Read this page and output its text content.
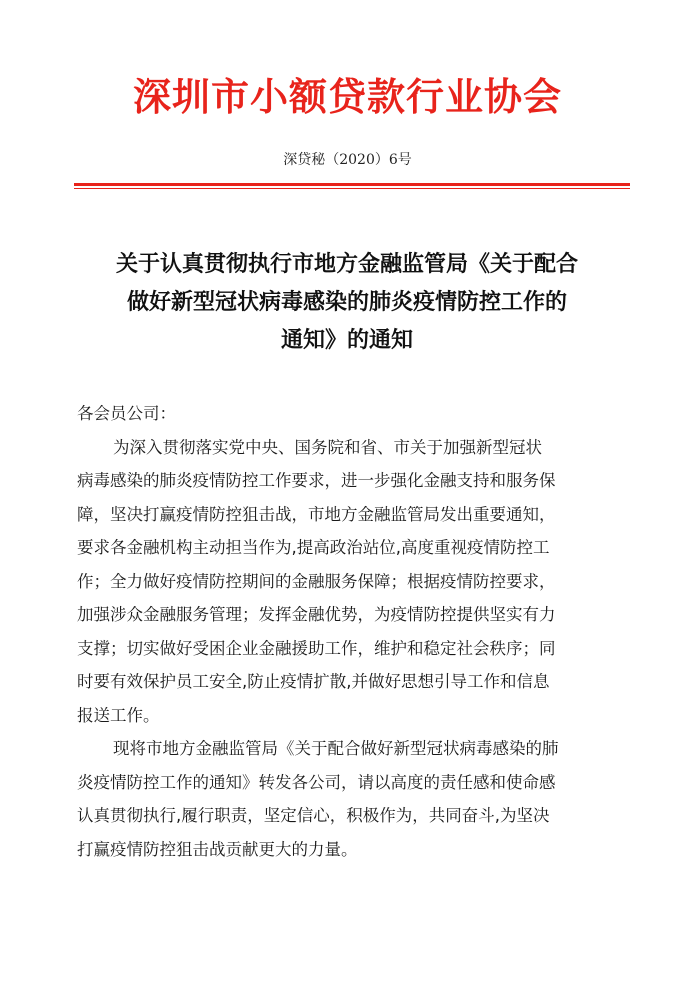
深圳市小额贷款行业协会
深贷秘（2020）6号
关于认真贯彻执行市地方金融监管局《关于配合
做好新型冠状病毒感染的肺炎疫情防控工作的
通知》的通知
各会员公司：
为深入贯彻落实党中央、国务院和省、市关于加强新型冠状
病毒感染的肺炎疫情防控工作要求，进一步强化金融支持和服务保
障，坚决打赢疫情防控狙击战，市地方金融监管局发出重要通知，
要求各金融机构主动担当作为,提高政治站位,高度重视疫情防控工
作；全力做好疫情防控期间的金融服务保障；根据疫情防控要求，
加强涉众金融服务管理；发挥金融优势，为疫情防控提供坚实有力
支撑；切实做好受困企业金融援助工作，维护和稳定社会秩序；同
时要有效保护员工安全,防止疫情扩散,并做好思想引导工作和信息
报送工作。
现将市地方金融监管局《关于配合做好新型冠状病毒感染的肺
炎疫情防控工作的通知》转发各公司，请以高度的责任感和使命感
认真贯彻执行,履行职责，坚定信心，积极作为，共同奋斗,为坚决
打赢疫情防控狙击战贡献更大的力量。
